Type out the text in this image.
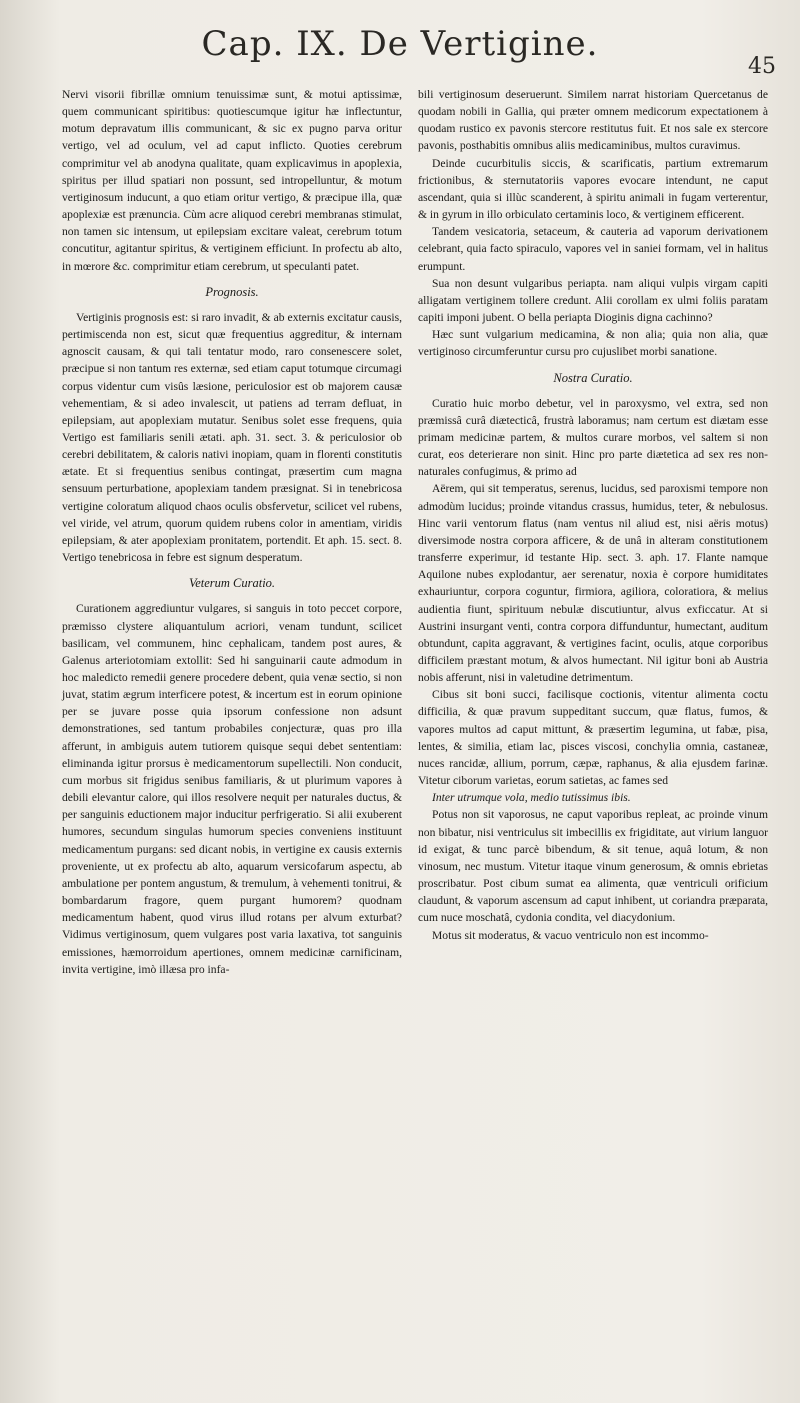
Cap. IX. De Vertigine.
45

Nervi visorii fibrillæ omnium tenuissimæ sunt, & motui aptissimæ, quem communicant spiritibus: quotiescumque igitur hæ inflectuntur, motum depravatum illis communicant, & sic ex pugno parva oritur vertigo, vel ad oculum, vel ad caput inflicto. Quoties cerebrum comprimitur vel ab anodyna qualitate, quam explicavimus in apoplexia, spiritus per illud spatiari non possunt, sed intropelluntur, & motum vertiginosum inducunt, a quo etiam oritur vertigo, & præcipue illa, quæ apoplexiæ est prænuncia. Cùm acre aliquod cerebri membranas stimulat, non tamen sic intensum, ut epilepsiam excitare valeat, cerebrum totum concutitur, agitantur spiritus, & vertiginem efficiunt. In profectu ab alto, in mœrore &c. comprimitur etiam cerebrum, ut speculanti patet.

Prognosis.

Vertiginis prognosis est: si raro invadit, & ab externis excitatur causis, pertimiscenda non est, sicut quæ frequentius aggreditur, & internam agnoscit causam, & qui tali tentatur modo, raro consenescere solet, præcipue si non tantum res externæ, sed etiam caput totumque circumagi corpus videntur cum visûs læsione, periculosior est ob majorem causæ vehementiam, & si adeo invalescit, ut patiens ad terram defluat, in epilepsiam, aut apoplexiam mutatur. Senibus solet esse frequens, quia Vertigo est familiaris senili ætati. aph. 31. sect. 3. & periculosior ob cerebri debilitatem, & caloris nativi inopiam, quam in florenti constitutis ætate. Et si frequentius senibus contingat, præsertim cum magna sensuum perturbatione, apoplexiam tandem præsignat. Si in tenebricosa vertigine coloratum aliquod chaos oculis obsfervetur, scilicet vel rubens, vel viride, vel atrum, quorum quidem rubens color in amentiam, viridis epilepsiam, & ater apoplexiam pronitatem, portendit. Et aph. 15. sect. 8. Vertigo tenebricosa in febre est signum desperatum.

Veterum Curatio.

Curationem aggrediuntur vulgares, si sanguis in toto peccet corpore, præmisso clystere aliquantulum acriori, venam tundunt, scilicet basilicam, vel communem, hinc cephalicam, tandem post aures, & Galenus arteriotomiam extollit: Sed hi sanguinarii caute admodum in hoc maledicto remedii genere procedere debent, quia venæ sectio, si non juvat, statim ægrum interficere potest, & incertum est in eorum opinione per se juvare posse quia ipsorum confessione non adsunt demonstrationes, sed tantum probabiles conjecturæ, quas pro illa afferunt, in ambiguis autem tutiorem quisque sequi debet sententiam: eliminanda igitur prorsus è medicamentorum supellectili. Non conducit, cum morbus sit frigidus senibus familiaris, & ut plurimum vapores à debili elevantur calore, qui illos resolvere nequit per naturales ductus, & per sanguinis eductionem major inducitur perfrigeratio. Si alii exuberent humores, secundum singulas humorum species conveniens instituunt medicamentum purgans: sed dicant nobis, in vertigine ex causis externis proveniente, ut ex profectu ab alto, aquarum versicofarum aspectu, ab ambulatione per pontem angustum, & tremulum, à vehementi tonitrui, & bombardarum fragore, quem purgant humorem? quodnam medicamentum habent, quod virus illud rotans per alvum exturbat? Vidimus vertiginosum, quem vulgares post varia laxativa, tot sanguinis emissiones, hæmorroidum apertiones, omnem medicinæ carnificinam, invita vertigine, imò illæsa pro infa-

bili vertiginosum deseruerunt. Similem narrat historiam Quercetanus de quodam nobili in Gallia, qui præter omnem medicorum expectationem à quodam rustico ex pavonis stercore restitutus fuit. Et nos sale ex stercore pavonis, posthabitis omnibus aliis medicaminibus, multos curavimus.

Deinde cucurbitulis siccis, & scarificatis, partium extremarum frictionibus, & sternutatoriis vapores evocare intendunt, ne caput ascendant, quia si illùc scanderent, à spiritu animali in fugam verterentur, & in gyrum in illo orbiculato certaminis loco, & vertiginem efficerent.

Tandem vesicatoria, setaceum, & cauteria ad vaporum derivationem celebrant, quia facto spiraculo, vapores vel in saniei formam, vel in halitus erumpunt.

Sua non desunt vulgaribus periapta. nam aliqui vulpis virgam capiti alligatam vertiginem tollere credunt. Alii corollam ex ulmi foliis paratam capiti imponi jubent. O bella periapta Dioginis digna cachinno?

Hæc sunt vulgarium medicamina, & non alia; quia non alia, quæ vertiginoso circumferuntur cursu pro cujuslibet morbi sanatione.

Nostra Curatio.

Curatio huic morbo debetur, vel in paroxysmo, vel extra, sed non præmissâ curâ diætecticâ, frustrà laboramus; nam certum est diætam esse primam medicinæ partem, & multos curare morbos, vel saltem si non curat, eos deterierare non sinit. Hinc pro parte diætetica ad sex res non-naturales confugimus, & primo ad

Aërem, qui sit temperatus, serenus, lucidus, sed paroxismi tempore non admodùm lucidus; proinde vitandus crassus, humidus, teter, & nebulosus. Hinc varii ventorum flatus (nam ventus nil aliud est, nisi aëris motus) diversimode nostra corpora afficere, & de unâ in alteram constitutionem transferre experimur, id testante Hip. sect. 3. aph. 17. Flante namque Aquilone nubes explodantur, aer serenatur, noxia è corpore humiditates exhauriuntur, corpora coguntur, firmiora, agiliora, coloratiora, & melius audientia fiunt, spirituum nebulæ discutiuntur, alvus exficcatur. At si Austrini insurgant venti, contra corpora diffunduntur, humectant, auditum obtundunt, capita aggravant, & vertigines facint, oculis, atque corporibus difficilem præstant motum, & alvos humectant. Nil igitur boni ab Austria nobis afferunt, nisi in valetudine detrimentum.

Cibus sit boni succi, facilisque coctionis, vitentur alimenta coctu difficilia, & quæ pravum suppeditant succum, quæ flatus, fumos, & vapores multos ad caput mittunt, & præsertim legumina, ut fabæ, pisa, lentes, & similia, etiam lac, pisces viscosi, conchylia omnia, castaneæ, nuces rancidæ, allium, porrum, cæpæ, raphanus, & alia ejusdem farinæ. Vitetur ciborum varietas, eorum satietas, ac fames sed

Inter utrumque vola, medio tutissimus ibis.

Potus non sit vaporosus, ne caput vaporibus repleat, ac proinde vinum non bibatur, nisi ventriculus sit imbecillis ex frigiditate, aut virium languor id exigat, & tunc parcè bibendum, & sit tenue, aquâ lotum, & non vinosum, nec mustum. Vitetur itaque vinum generosum, & omnis ebrietas proscribatur. Post cibum sumat ea alimenta, quæ ventriculi orificium claudunt, & vaporum ascensum ad caput inhibent, ut coriandra præparata, cum nuce moschatâ, cydonia condita, vel diacydonium.

Motus sit moderatus, & vacuo ventriculo non est incommo-
